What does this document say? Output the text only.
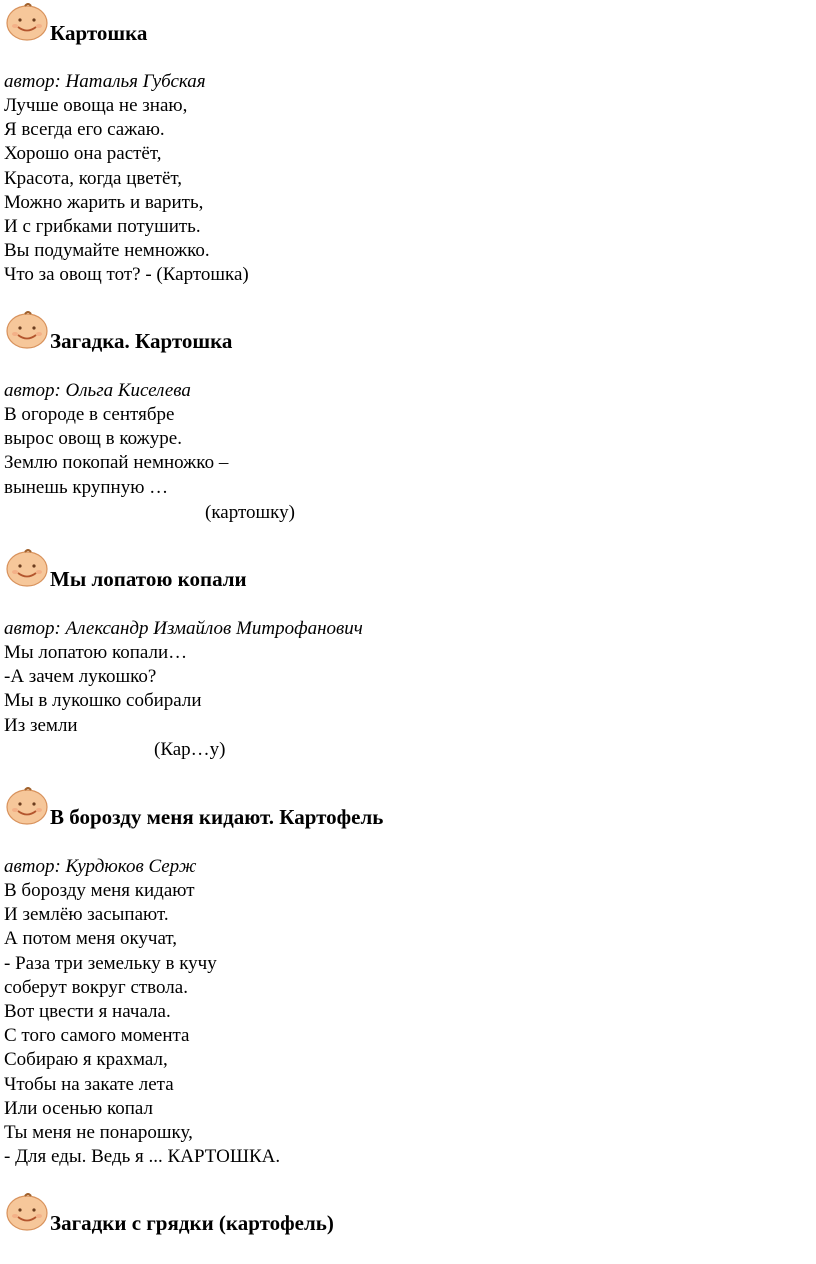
Картошка
автор: Наталья Губская
Лучше овоща не знаю,
Я всегда его сажаю.
Хорошо она растёт,
Красота, когда цветёт,
Можно жарить и варить,
И с грибками потушить.
Вы подумайте немножко.
Что за овощ тот? - (Картошка)
Загадка. Картошка
автор: Ольга Киселева
В огороде в сентябре
вырос овощ в кожуре.
Землю покопай немножко –
вынешь крупную …
(картошку)
Мы лопатою копали
автор: Александр Измайлов Митрофанович
Мы лопатою копали…
-А зачем лукошко?
Мы в лукошко собирали
Из земли
(Кар…у)
В борозду меня кидают. Картофель
автор: Курдюков Серж
В борозду меня кидают
И землёю засыпают.
А потом меня окучат,
- Раза три земельку в кучу
соберут вокруг ствола.
Вот цвести я начала.
С того самого момента
Собираю я крахмал,
Чтобы на закате лета
Или осенью копал
Ты меня не понарошку,
- Для еды. Ведь я ... КАРТОШКА.
Загадки с грядки (картофель)
